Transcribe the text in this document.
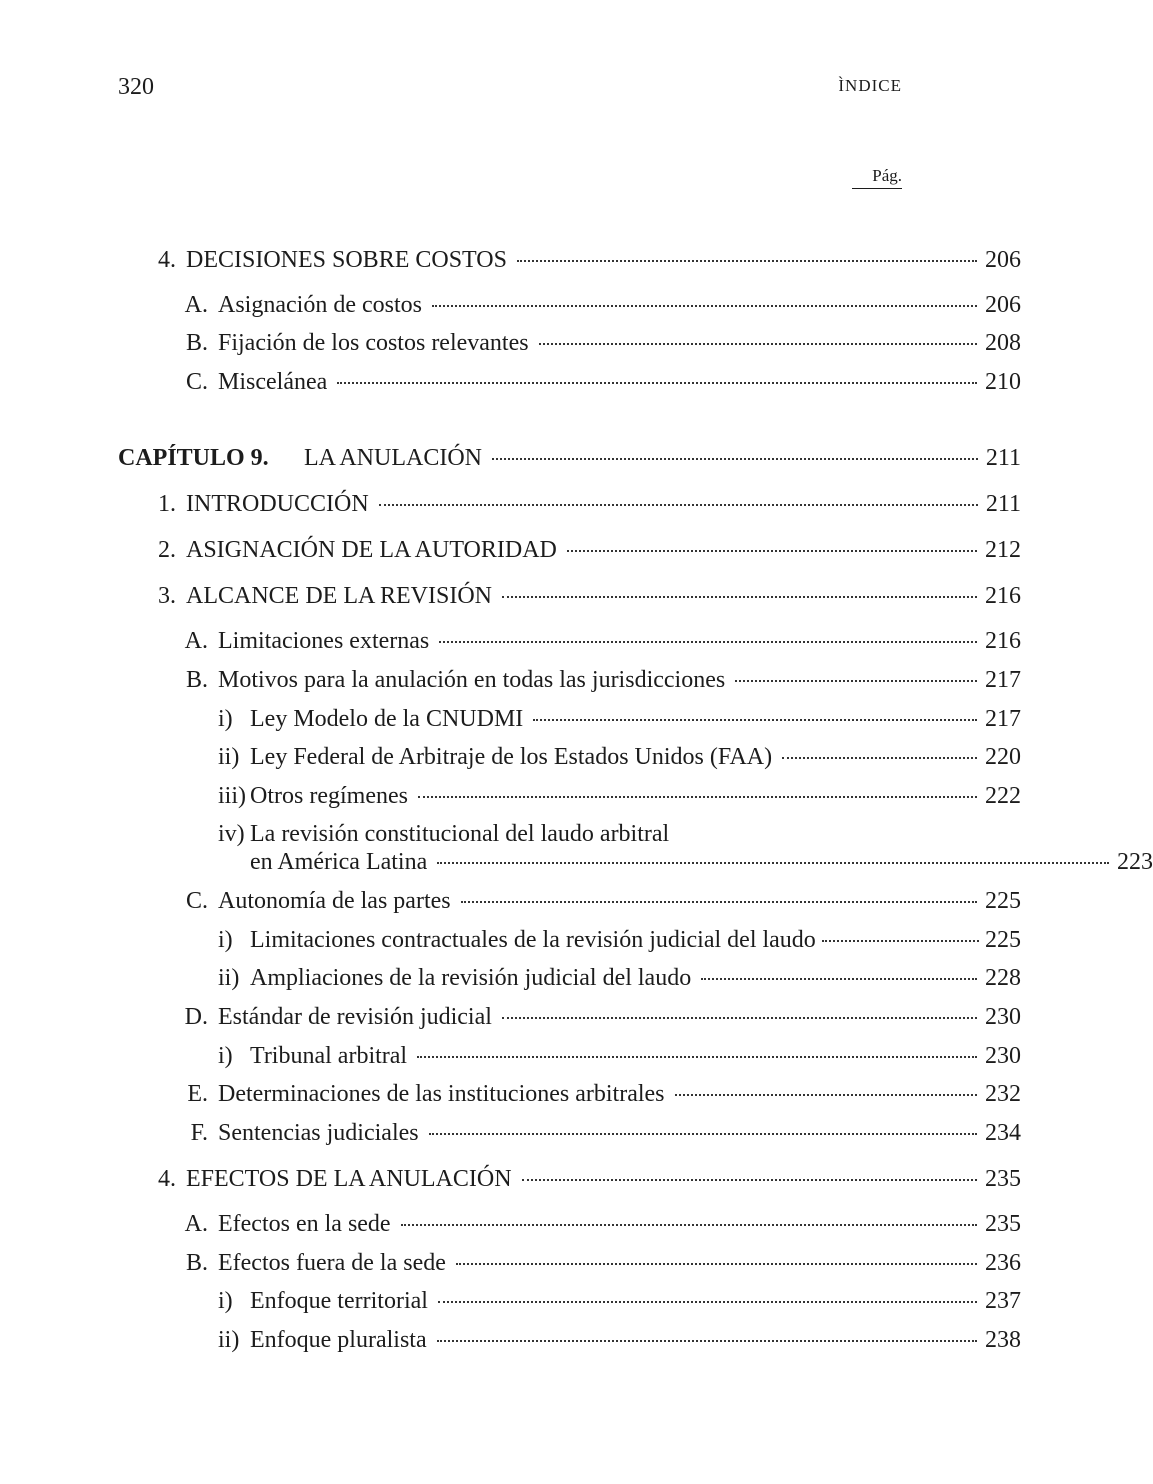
320	ÌNDICE
Pág.
4. DECISIONES SOBRE COSTOS	206
A. Asignación de costos	206
B. Fijación de los costos relevantes	208
C. Miscelánea	210
CAPÍTULO 9.	LA ANULACIÓN	211
1. INTRODUCCIÓN	211
2. ASIGNACIÓN DE LA AUTORIDAD	212
3. ALCANCE DE LA REVISIÓN	216
A. Limitaciones externas	216
B. Motivos para la anulación en todas las jurisdicciones	217
i) Ley Modelo de la CNUDMI	217
ii) Ley Federal de Arbitraje de los Estados Unidos (FAA)	220
iii) Otros regímenes	222
iv) La revisión constitucional del laudo arbitral
en América Latina	223
C. Autonomía de las partes	225
i) Limitaciones contractuales de la revisión judicial del laudo	225
ii) Ampliaciones de la revisión judicial del laudo	228
D. Estándar de revisión judicial	230
i) Tribunal arbitral	230
E. Determinaciones de las instituciones arbitrales	232
F. Sentencias judiciales	234
4. EFECTOS DE LA ANULACIÓN	235
A. Efectos en la sede	235
B. Efectos fuera de la sede	236
i) Enfoque territorial	237
ii) Enfoque pluralista	238
